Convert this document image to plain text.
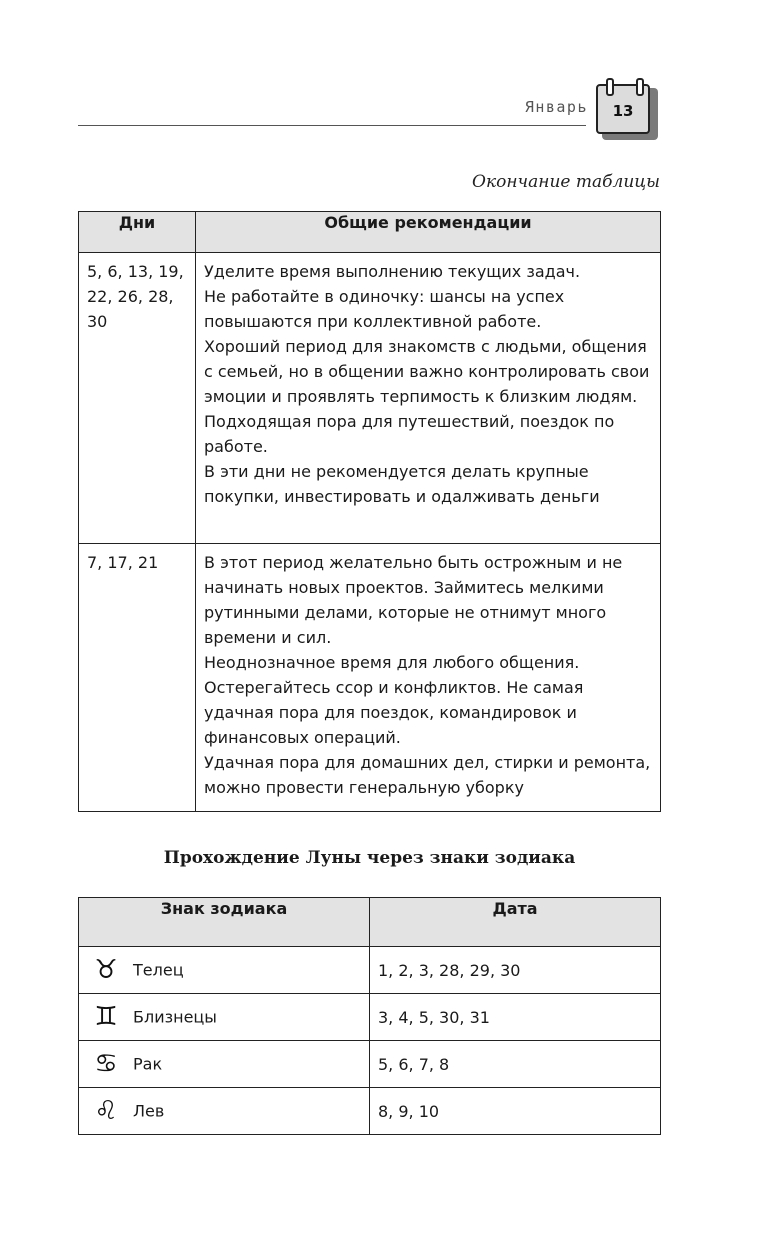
Январь	13
Окончание таблицы
Дни	Общие рекомендации
5, 6, 13, 19, 22, 26, 28, 30	Уделите время выполнению текущих задач.
Не работайте в одиночку: шансы на успех повышаются при коллективной работе.
Хороший период для знакомств с людьми, общения с семьей, но в общении важно контролировать свои эмоции и проявлять терпимость к близким людям.
Подходящая пора для путешествий, поездок по работе.
В эти дни не рекомендуется делать крупные покупки, инвестировать и одалживать деньги

7, 17, 21	В этот период желательно быть острожным и не начинать новых проектов. Займитесь мелкими рутинными делами, которые не отнимут много времени и сил.
Неоднозначное время для любого общения. Остерегайтесь ссор и конфликтов. Не самая удачная пора для поездок, командировок и финансовых операций.
Удачная пора для домашних дел, стирки и ремонта, можно провести генеральную уборку
Прохождение Луны через знаки зодиака
Знак зодиака	Дата
♉ Телец	1, 2, 3, 28, 29, 30
♊ Близнецы	3, 4, 5, 30, 31
♋ Рак	5, 6, 7, 8
♌ Лев	8, 9, 10
